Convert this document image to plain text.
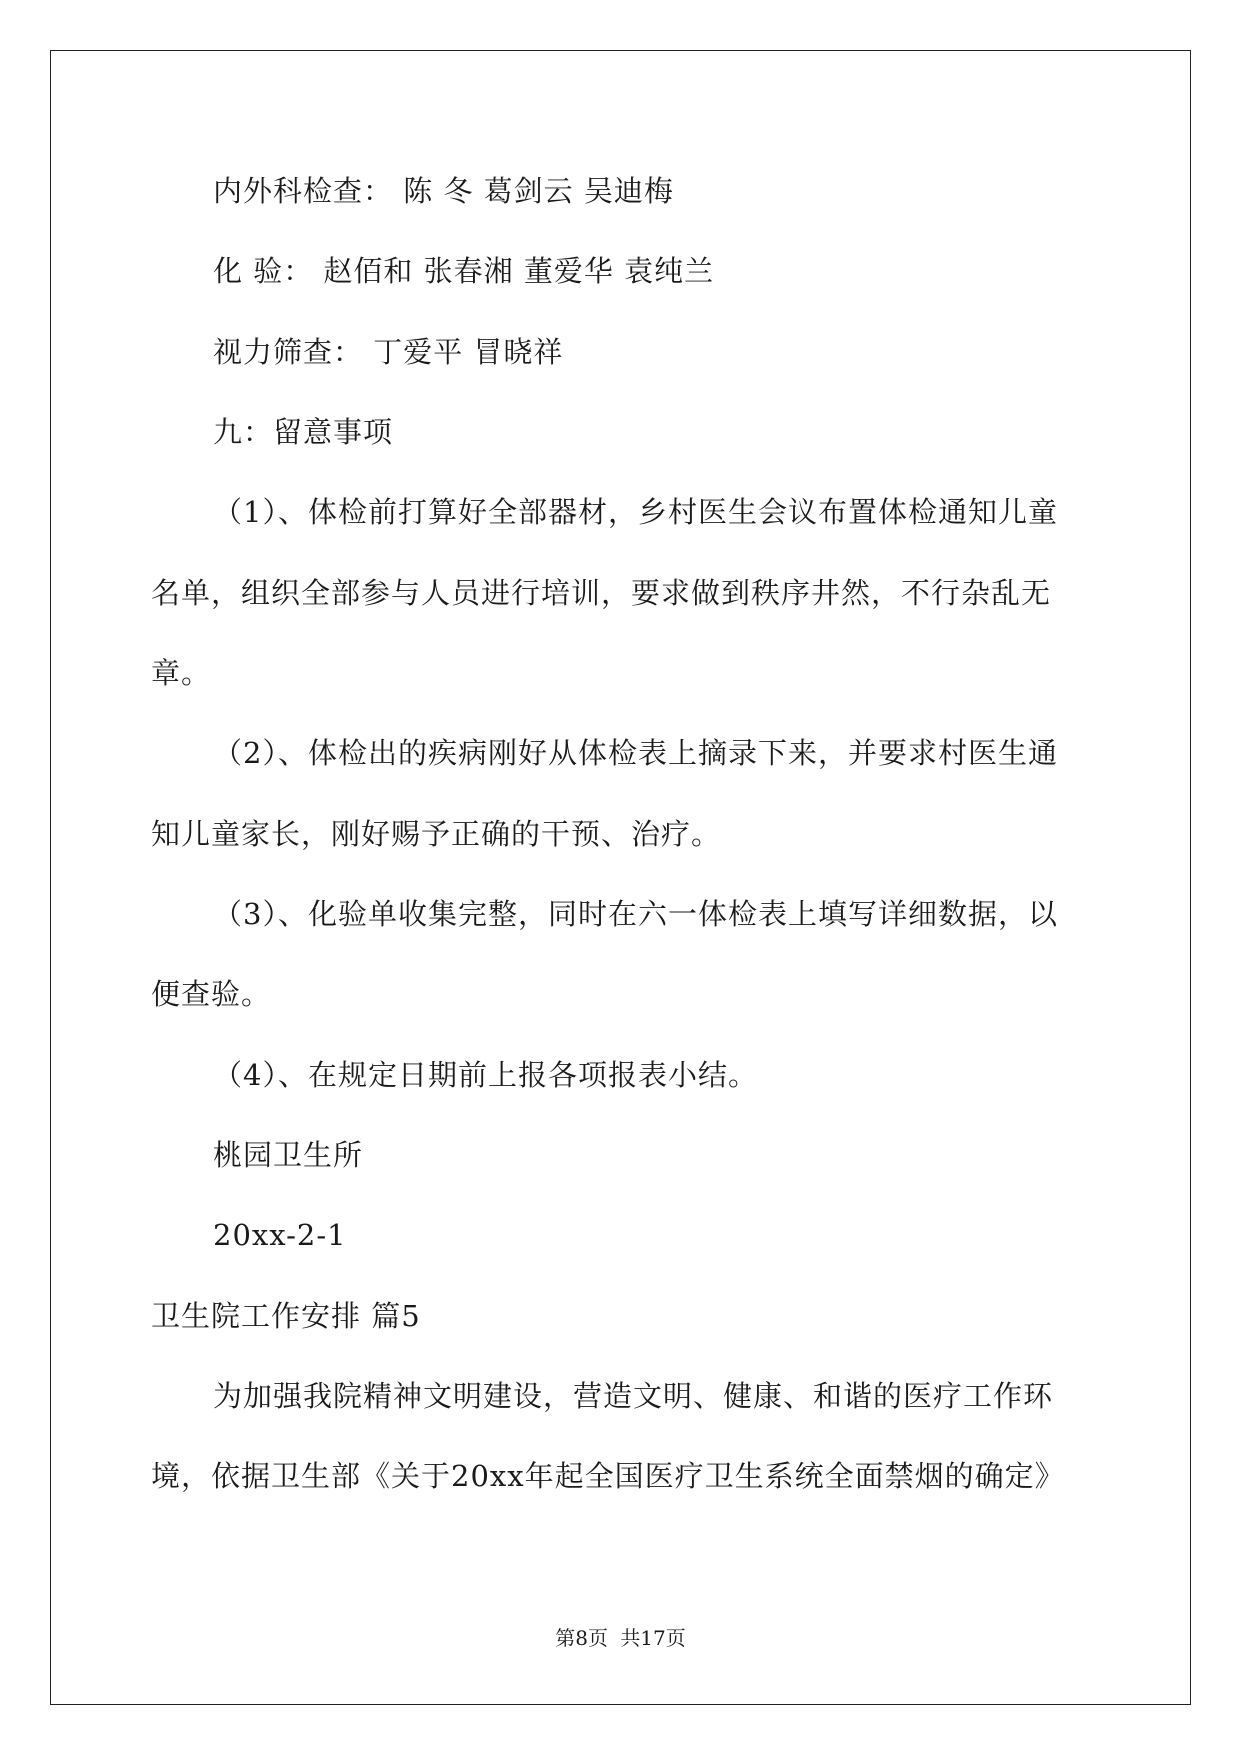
内外科检查： 陈 冬 葛剑云 吴迪梅
化 验： 赵佰和 张春湘 董爱华 袁纯兰
视力筛查： 丁爱平 冒晓祥
九：留意事项
（1）、体检前打算好全部器材，乡村医生会议布置体检通知儿童
名单，组织全部参与人员进行培训，要求做到秩序井然，不行杂乱无
章。
（2）、体检出的疾病刚好从体检表上摘录下来，并要求村医生通
知儿童家长，刚好赐予正确的干预、治疗。
（3）、化验单收集完整，同时在六一体检表上填写详细数据，以
便查验。
（4）、在规定日期前上报各项报表小结。
桃园卫生所
20xx-2-1
卫生院工作安排 篇5
为加强我院精神文明建设，营造文明、健康、和谐的医疗工作环
境，依据卫生部《关于20xx年起全国医疗卫生系统全面禁烟的确定》
第8页 共17页
